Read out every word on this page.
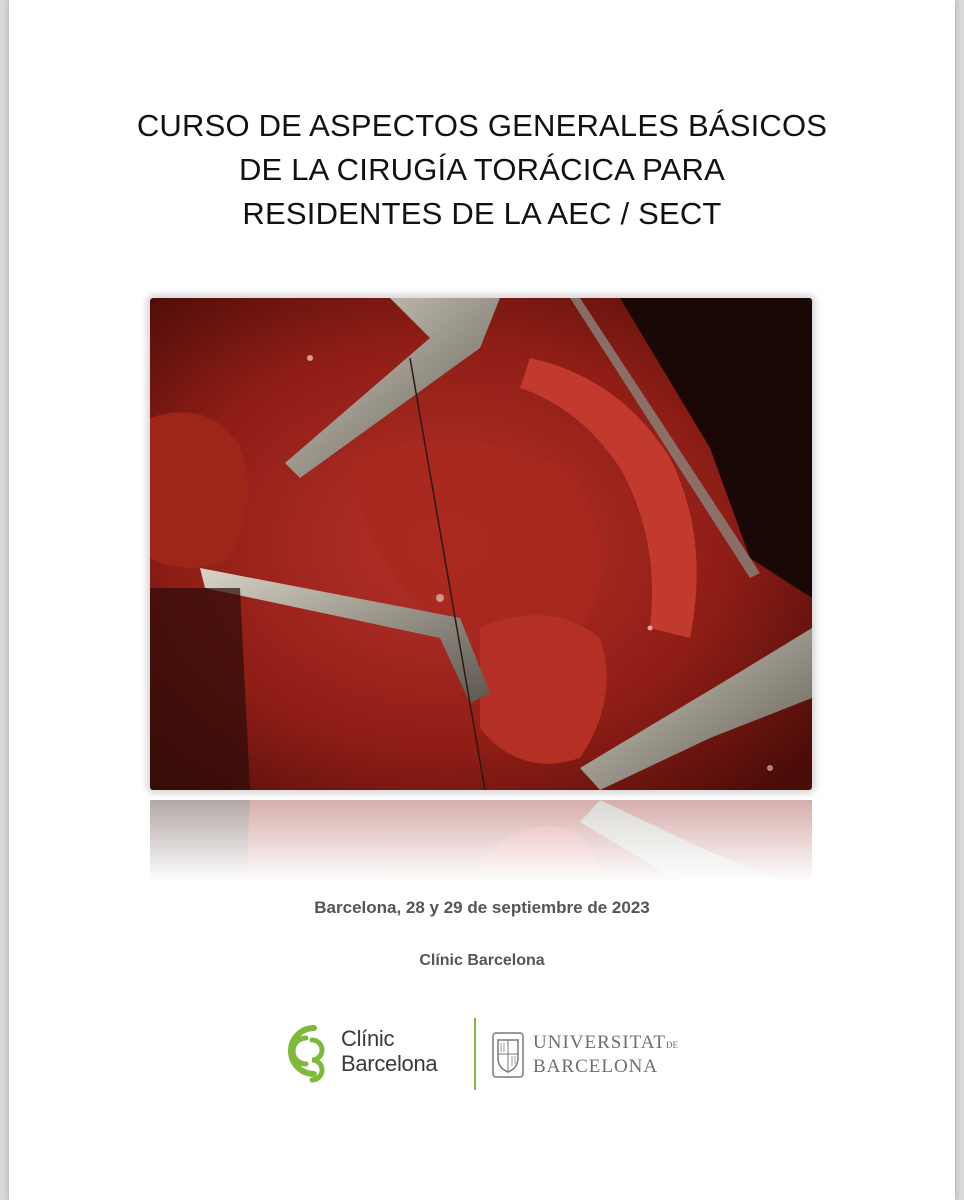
CURSO DE ASPECTOS GENERALES BÁSICOS
DE LA CIRUGÍA TORÁCICA PARA
RESIDENTES DE LA AEC / SECT
Barcelona, 28 y 29 de septiembre de 2023
Clínic Barcelona
Clínic
Barcelona
UNIVERSITATDE
BARCELONA
